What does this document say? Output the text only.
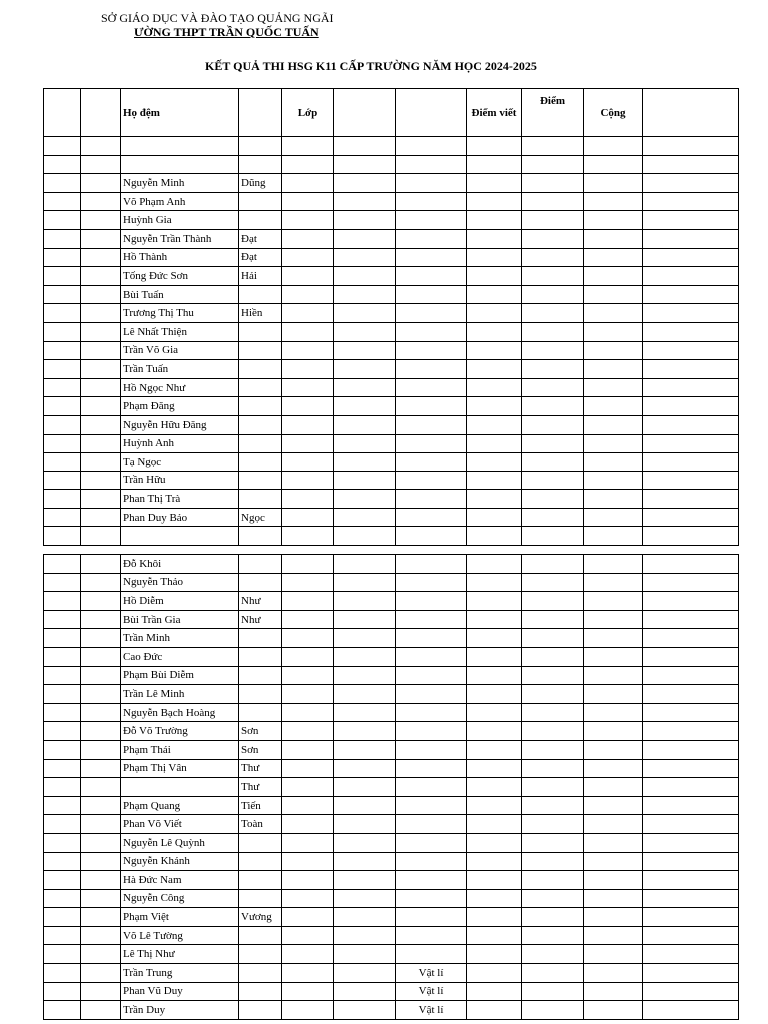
SỞ GIÁO DỤC VÀ ĐÀO TẠO QUẢNG NGÃI
ƯỜNG THPT TRẦN QUỐC TUẤN
KẾT QUẢ THI HSG K11 CẤP TRƯỜNG NĂM HỌC 2024-2025
		Họ đệm		Lớp			Điểm viết	Điểm	Cộng	

		Nguyễn Minh	Dũng							
		Võ Phạm Anh								
		Huỳnh Gia								
		Nguyễn Trần Thành	Đạt							
		Hồ Thành	Đạt							
		Tống Đức Sơn	Hải							
		Bùi Tuấn								
		Trương Thị Thu	Hiền							
		Lê Nhất Thiện								
		Trần Võ Gia								
		Trần Tuấn								
		Hồ Ngọc Như								
		Phạm Đăng								
		Nguyễn Hữu Đăng								
		Huỳnh Anh								
		Tạ Ngọc								
		Trần Hữu								
		Phan Thị Trà								
		Phan Duy Bảo	Ngọc							

		Đỗ Khôi								
		Nguyễn Thảo								
		Hồ Diễm	Như							
		Bùi Trần Gia	Như							
		Trần Minh								
		Cao Đức								
		Phạm Bùi Diễm								
		Trần Lê Minh								
		Nguyễn Bạch Hoàng								
		Đỗ Võ Trường	Sơn							
		Phạm Thái	Sơn							
		Phạm Thị Vân	Thư							
			Thư							
		Phạm Quang	Tiến							
		Phan Võ Viết	Toàn							
		Nguyễn Lê Quỳnh								
		Nguyễn Khánh								
		Hà Đức Nam								
		Nguyễn Công								
		Phạm Việt	Vương							
		Võ Lê Tường								
		Lê Thị Như								
		Trần Trung				Vật lí				
		Phan Vũ Duy				Vật lí				
		Trần Duy				Vật lí				
